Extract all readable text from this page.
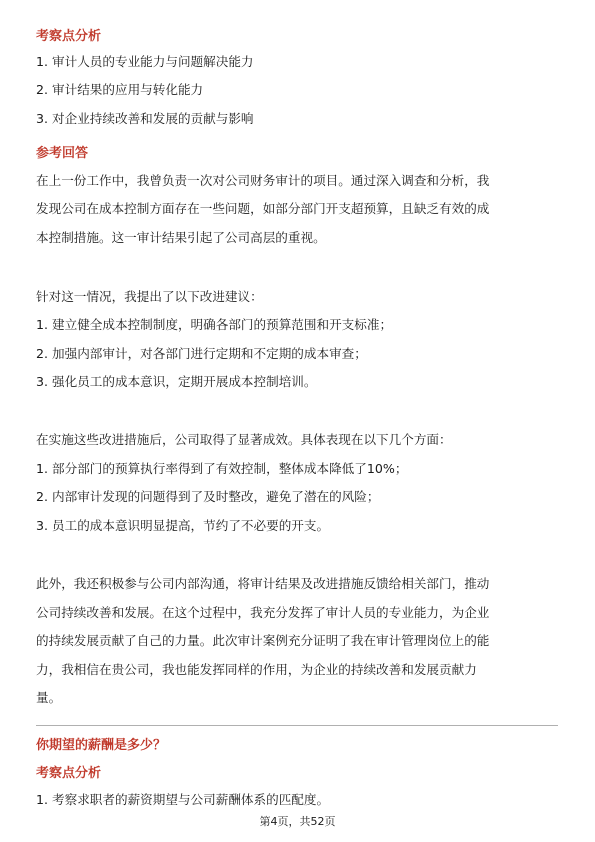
考察点分析
1. 审计人员的专业能力与问题解决能力
2. 审计结果的应用与转化能力
3. 对企业持续改善和发展的贡献与影响
参考回答
在上一份工作中，我曾负责一次对公司财务审计的项目。通过深入调查和分析，我
发现公司在成本控制方面存在一些问题，如部分部门开支超预算，且缺乏有效的成
本控制措施。这一审计结果引起了公司高层的重视。
针对这一情况，我提出了以下改进建议：
1. 建立健全成本控制制度，明确各部门的预算范围和开支标准；
2. 加强内部审计，对各部门进行定期和不定期的成本审查；
3. 强化员工的成本意识，定期开展成本控制培训。
在实施这些改进措施后，公司取得了显著成效。具体表现在以下几个方面：
1. 部分部门的预算执行率得到了有效控制，整体成本降低了10%；
2. 内部审计发现的问题得到了及时整改，避免了潜在的风险；
3. 员工的成本意识明显提高，节约了不必要的开支。
此外，我还积极参与公司内部沟通，将审计结果及改进措施反馈给相关部门，推动
公司持续改善和发展。在这个过程中，我充分发挥了审计人员的专业能力，为企业
的持续发展贡献了自己的力量。此次审计案例充分证明了我在审计管理岗位上的能
力，我相信在贵公司，我也能发挥同样的作用，为企业的持续改善和发展贡献力
量。
你期望的薪酬是多少？
考察点分析
1. 考察求职者的薪资期望与公司薪酬体系的匹配度。
第4页，共52页
